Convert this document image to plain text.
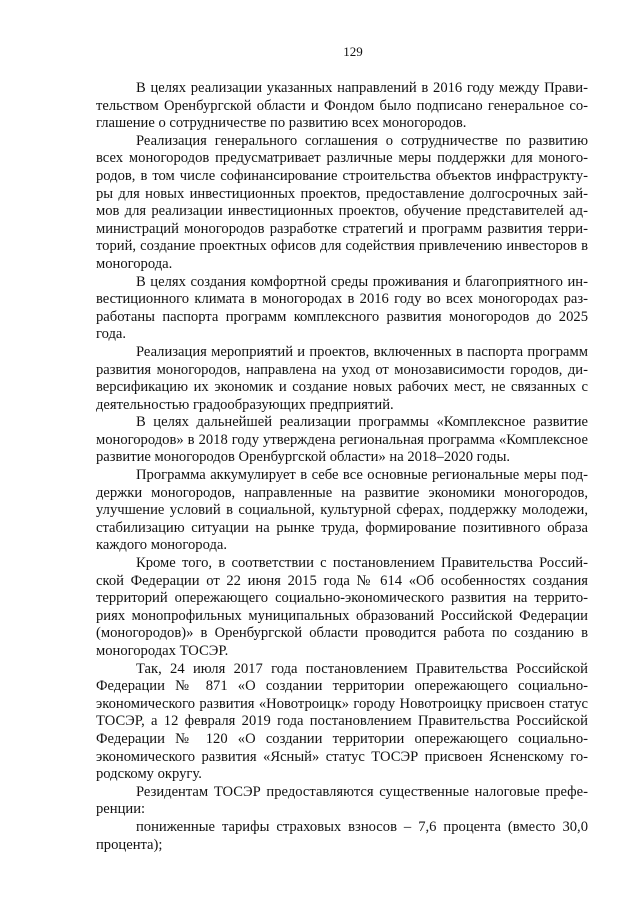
129

В целях реализации указанных направлений в 2016 году между Правительством Оренбургской области и Фондом было подписано генеральное соглашение о сотрудничестве по развитию всех моногородов.

Реализация генерального соглашения о сотрудничестве по развитию всех моногородов предусматривает различные меры поддержки для моногородов, в том числе софинансирование строительства объектов инфраструктуры для новых инвестиционных проектов, предоставление долгосрочных займов для реализации инвестиционных проектов, обучение представителей администраций моногородов разработке стратегий и программ развития территорий, создание проектных офисов для содействия привлечению инвесторов в моногорода.

В целях создания комфортной среды проживания и благоприятного инвестиционного климата в моногородах в 2016 году во всех моногородах разработаны паспорта программ комплексного развития моногородов до 2025 года.

Реализация мероприятий и проектов, включенных в паспорта программ развития моногородов, направлена на уход от монозависимости городов, диверсификацию их экономик и создание новых рабочих мест, не связанных с деятельностью градообразующих предприятий.

В целях дальнейшей реализации программы «Комплексное развитие моногородов» в 2018 году утверждена региональная программа «Комплексное развитие моногородов Оренбургской области» на 2018–2020 годы.

Программа аккумулирует в себе все основные региональные меры поддержки моногородов, направленные на развитие экономики моногородов, улучшение условий в социальной, культурной сферах, поддержку молодежи, стабилизацию ситуации на рынке труда, формирование позитивного образа каждого моногорода.

Кроме того, в соответствии с постановлением Правительства Российской Федерации от 22 июня 2015 года № 614 «Об особенностях создания территорий опережающего социально-экономического развития на территориях монопрофильных муниципальных образований Российской Федерации (моногородов)» в Оренбургской области проводится работа по созданию в моногородах ТОСЭР.

Так, 24 июля 2017 года постановлением Правительства Российской Федерации № 871 «О создании территории опережающего социально-экономического развития «Новотроицк» городу Новотроицку присвоен статус ТОСЭР, а 12 февраля 2019 года постановлением Правительства Российской Федерации № 120 «О создании территории опережающего социально-экономического развития «Ясный» статус ТОСЭР присвоен Ясненскому городскому округу.

Резидентам ТОСЭР предоставляются существенные налоговые преференции:

пониженные тарифы страховых взносов – 7,6 процента (вместо 30,0 процента);
